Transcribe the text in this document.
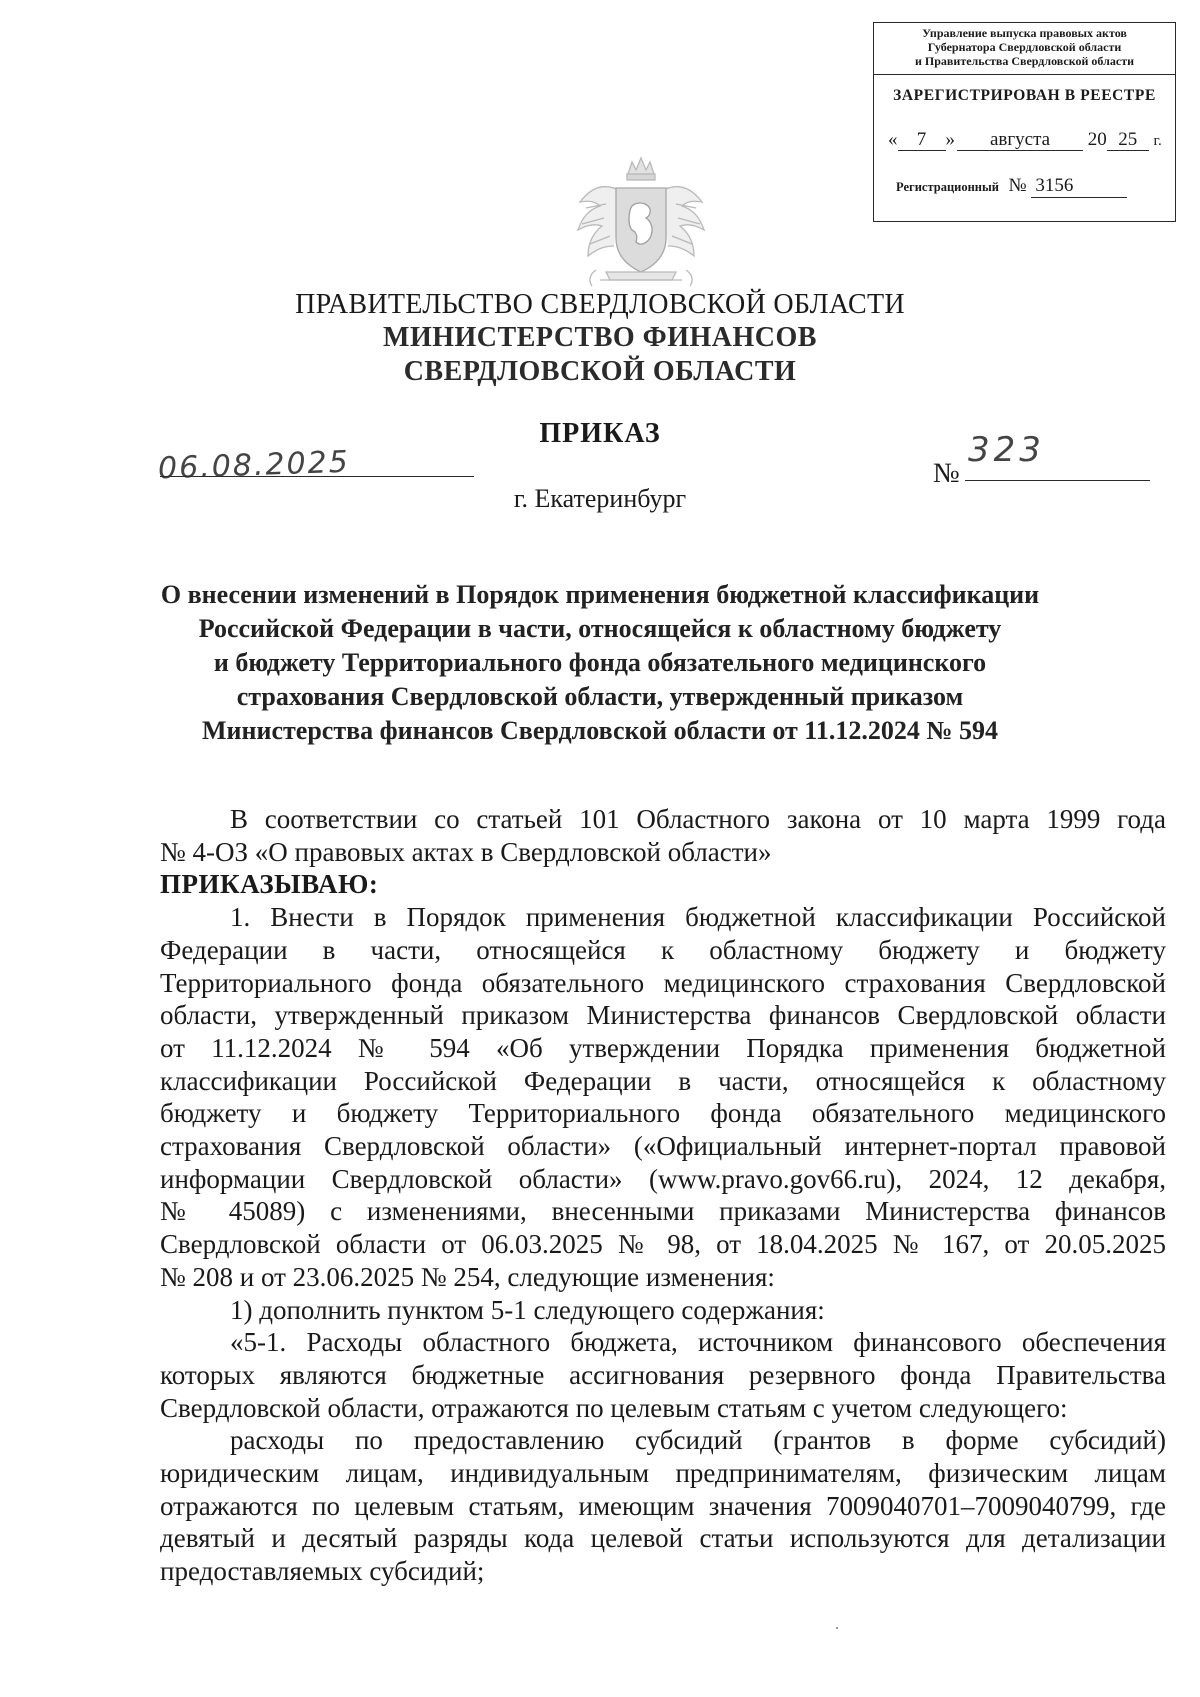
Управление выпуска правовых актов
Губернатора Свердловской области
и Правительства Свердловской области
ЗАРЕГИСТРИРОВАН В РЕЕСТРЕ
« 7 » августа 20 25 г.
Регистрационный № 3156
ПРАВИТЕЛЬСТВО СВЕРДЛОВСКОЙ ОБЛАСТИ
МИНИСТЕРСТВО ФИНАНСОВ
СВЕРДЛОВСКОЙ ОБЛАСТИ
ПРИКАЗ
06.08.2025	№
323
г. Екатеринбург
О внесении изменений в Порядок применения бюджетной классификации
Российской Федерации в части, относящейся к областному бюджету
и бюджету Территориального фонда обязательного медицинского
страхования Свердловской области, утвержденный приказом
Министерства финансов Свердловской области от 11.12.2024 № 594

В соответствии со статьей 101 Областного закона от 10 марта 1999 года

№ 4-ОЗ «О правовых актах в Свердловской области»

ПРИКАЗЫВАЮ:

1. Внести в Порядок применения бюджетной классификации Российской

Федерации в части, относящейся к областному бюджету и бюджету

Территориального фонда обязательного медицинского страхования Свердловской

области, утвержденный приказом Министерства финансов Свердловской области

от 11.12.2024 № 594 «Об утверждении Порядка применения бюджетной

классификации Российской Федерации в части, относящейся к областному

бюджету и бюджету Территориального фонда обязательного медицинского

страхования Свердловской области» («Официальный интернет-портал правовой

информации Свердловской области» (www.pravo.gov66.ru), 2024, 12 декабря,

№ 45089) с изменениями, внесенными приказами Министерства финансов

Свердловской области от 06.03.2025 № 98, от 18.04.2025 № 167, от 20.05.2025

№ 208 и от 23.06.2025 № 254, следующие изменения:

1) дополнить пунктом 5-1 следующего содержания:

«5-1. Расходы областного бюджета, источником финансового обеспечения

которых являются бюджетные ассигнования резервного фонда Правительства

Свердловской области, отражаются по целевым статьям с учетом следующего:

расходы по предоставлению субсидий (грантов в форме субсидий)

юридическим лицам, индивидуальным предпринимателям, физическим лицам

отражаются по целевым статьям, имеющим значения 7009040701–7009040799, где

девятый и десятый разряды кода целевой статьи используются для детализации

предоставляемых субсидий;
